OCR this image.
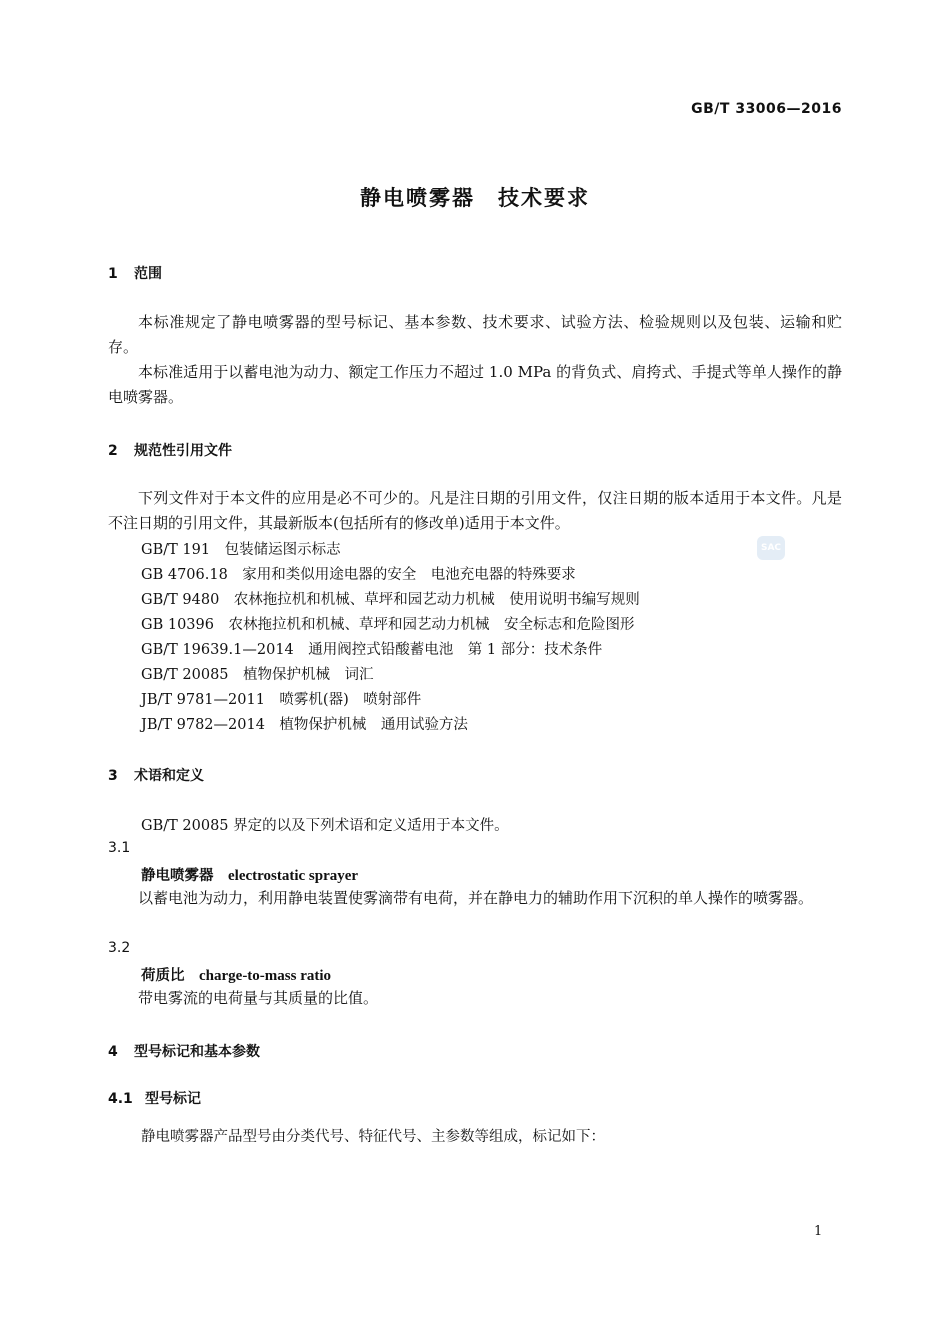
GB/T 33006—2016
静电喷雾器　技术要求
1 范围
本标准规定了静电喷雾器的型号标记、基本参数、技术要求、试验方法、检验规则以及包装、运输和贮存。
本标准适用于以蓄电池为动力、额定工作压力不超过 1.0 MPa 的背负式、肩挎式、手提式等单人操作的静电喷雾器。
2 规范性引用文件
下列文件对于本文件的应用是必不可少的。凡是注日期的引用文件，仅注日期的版本适用于本文件。凡是不注日期的引用文件，其最新版本(包括所有的修改单)适用于本文件。
GB/T 191　包装储运图示标志
GB 4706.18　家用和类似用途电器的安全　电池充电器的特殊要求
GB/T 9480　农林拖拉机和机械、草坪和园艺动力机械　使用说明书编写规则
GB 10396　农林拖拉机和机械、草坪和园艺动力机械　安全标志和危险图形
GB/T 19639.1—2014　通用阀控式铅酸蓄电池　第 1 部分：技术条件
GB/T 20085　植物保护机械　词汇
JB/T 9781—2011　喷雾机(器)　喷射部件
JB/T 9782—2014　植物保护机械　通用试验方法
SAC
3 术语和定义
GB/T 20085 界定的以及下列术语和定义适用于本文件。
3.1
静电喷雾器　 electrostatic sprayer
以蓄电池为动力，利用静电装置使雾滴带有电荷，并在静电力的辅助作用下沉积的单人操作的喷雾器。
3.2
荷质比　 charge-to-mass ratio
带电雾流的电荷量与其质量的比值。
4 型号标记和基本参数
4.1 型号标记
静电喷雾器产品型号由分类代号、特征代号、主参数等组成，标记如下：
1
